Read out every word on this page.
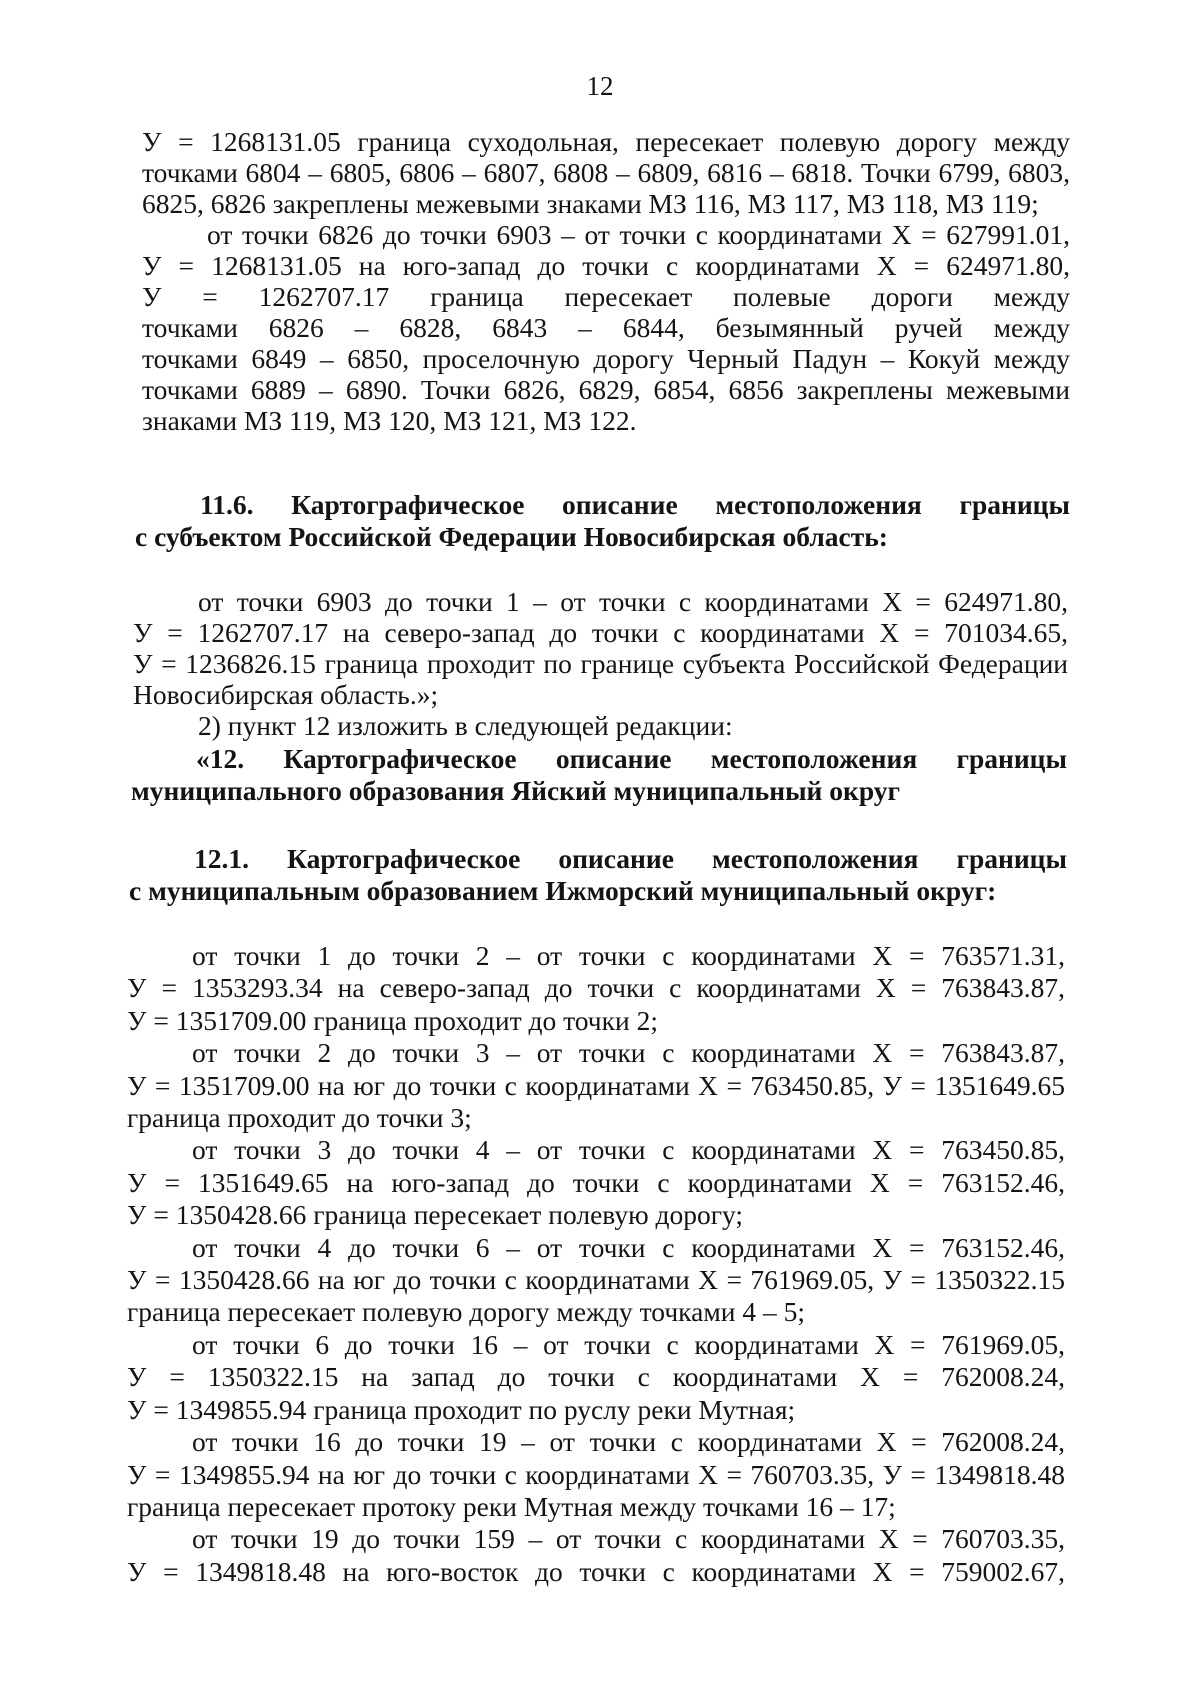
12
У = 1268131.05 граница суходольная, пересекает полевую дорогу между
точками 6804 – 6805, 6806 – 6807, 6808 – 6809, 6816 – 6818. Точки 6799, 6803,
6825, 6826 закреплены межевыми знаками МЗ 116, МЗ 117, МЗ 118, МЗ 119;
от точки 6826 до точки 6903 – от точки с координатами Х = 627991.01,
У = 1268131.05 на юго-запад до точки с координатами Х = 624971.80,
У = 1262707.17 граница пересекает полевые дороги между
точками 6826 – 6828, 6843 – 6844, безымянный ручей между
точками 6849 – 6850, проселочную дорогу Черный Падун – Кокуй между
точками 6889 – 6890. Точки 6826, 6829, 6854, 6856 закреплены межевыми
знаками МЗ 119, МЗ 120, МЗ 121, МЗ 122.
11.6. Картографическое описание местоположения границы
с субъектом Российской Федерации Новосибирская область:
от точки 6903 до точки 1 – от точки с координатами Х = 624971.80,
У = 1262707.17 на северо-запад до точки с координатами Х = 701034.65,
У = 1236826.15 граница проходит по границе субъекта Российской Федерации
Новосибирская область.»;
2) пункт 12 изложить в следующей редакции:
«12. Картографическое описание местоположения границы
муниципального образования Яйский муниципальный округ
12.1. Картографическое описание местоположения границы
с муниципальным образованием Ижморский муниципальный округ:
от точки 1 до точки 2 – от точки с координатами Х = 763571.31,
У = 1353293.34 на северо-запад до точки с координатами Х = 763843.87,
У = 1351709.00 граница проходит до точки 2;
от точки 2 до точки 3 – от точки с координатами Х = 763843.87,
У = 1351709.00 на юг до точки с координатами Х = 763450.85, У = 1351649.65
граница проходит до точки 3;
от точки 3 до точки 4 – от точки с координатами Х = 763450.85,
У = 1351649.65 на юго-запад до точки с координатами Х = 763152.46,
У = 1350428.66 граница пересекает полевую дорогу;
от точки 4 до точки 6 – от точки с координатами Х = 763152.46,
У = 1350428.66 на юг до точки с координатами Х = 761969.05, У = 1350322.15
граница пересекает полевую дорогу между точками 4 – 5;
от точки 6 до точки 16 – от точки с координатами Х = 761969.05,
У = 1350322.15 на запад до точки с координатами Х = 762008.24,
У = 1349855.94 граница проходит по руслу реки Мутная;
от точки 16 до точки 19 – от точки с координатами Х = 762008.24,
У = 1349855.94 на юг до точки с координатами Х = 760703.35, У = 1349818.48
граница пересекает протоку реки Мутная между точками 16 – 17;
от точки 19 до точки 159 – от точки с координатами Х = 760703.35,
У = 1349818.48 на юго-восток до точки с координатами Х = 759002.67,
